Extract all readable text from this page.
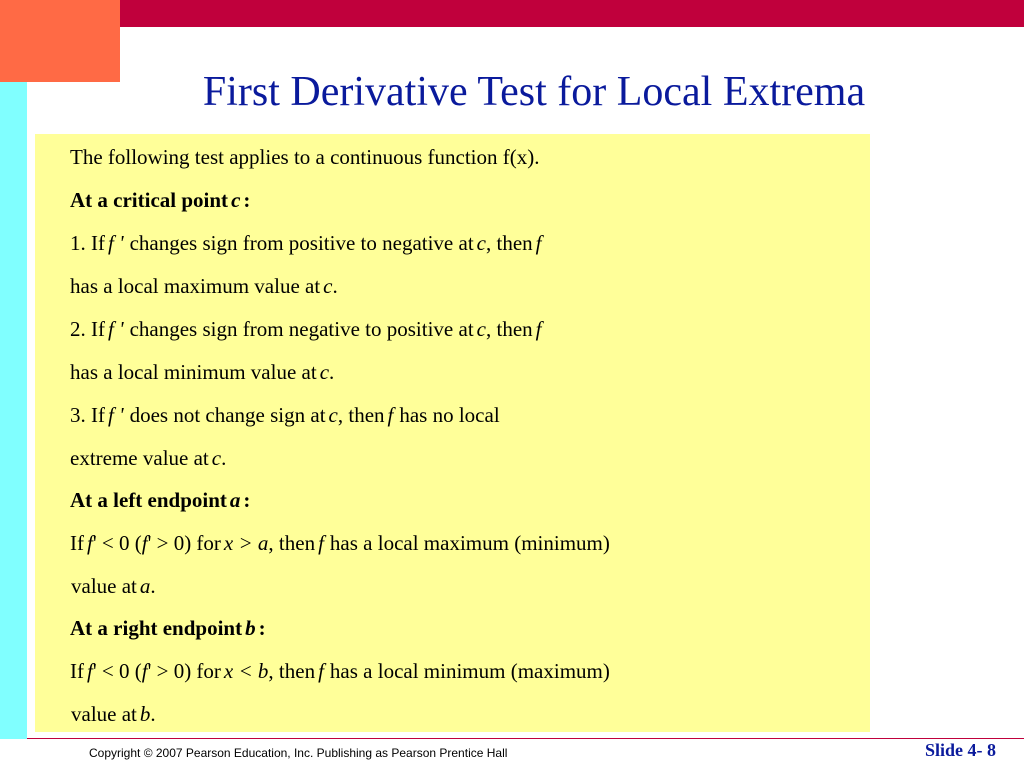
First Derivative Test for Local Extrema
The following test applies to a continuous function f(x).
At a critical point c :
1. If f ' changes sign from positive to negative at c, then f
has a local maximum value at c.
2. If f ' changes sign from negative to positive at c, then f
has a local minimum value at c.
3. If f ' does not change sign at c, then f has no local
extreme value at c.
At a left endpoint a :
If f' < 0 (f' > 0) for x > a, then f has a local maximum (minimum)
value at a.
At a right endpoint b :
If f' < 0 (f' > 0) for x < b, then f has a local minimum (maximum)
value at b.
Copyright © 2007 Pearson Education, Inc. Publishing as Pearson Prentice Hall	Slide 4- 8
